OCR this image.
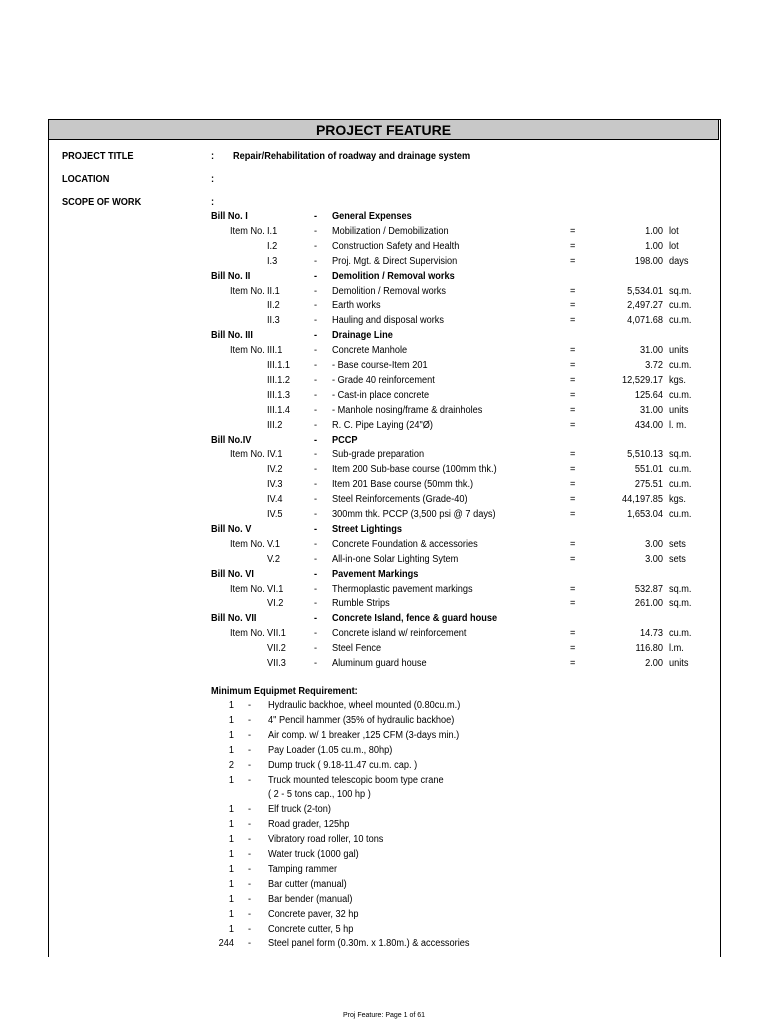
PROJECT FEATURE
PROJECT TITLE	: Repair/Rehabilitation of roadway and drainage system
LOCATION	:
SCOPE OF WORK	:
Bill No. I	- General Expenses
Item No. I.1	- Mobilization / Demobilization	=	1.00 lot
I.2	- Construction Safety and Health	=	1.00 lot
I.3	- Proj. Mgt. & Direct Supervision	=	198.00 days
Bill No. II	- Demolition / Removal works
Item No. II.1	- Demolition / Removal works	=	5,534.01 sq.m.
II.2	- Earth works	=	2,497.27 cu.m.
II.3	- Hauling and disposal works	=	4,071.68 cu.m.
Bill No. III	- Drainage Line
Item No. III.1	- Concrete Manhole	=	31.00 units
III.1.1 - - Base course-Item 201	=	3.72 cu.m.
III.1.2 - - Grade 40 reinforcement	=	12,529.17 kgs.
III.1.3 - - Cast-in place concrete	=	125.64 cu.m.
III.1.4 - - Manhole nosing/frame & drainholes	=	31.00 units
III.2	- R. C. Pipe Laying (24"Ø)	=	434.00 l. m.
Bill No.IV	- PCCP
Item No. IV.1	- Sub-grade preparation	=	5,510.13 sq.m.
IV.2	- Item 200 Sub-base course (100mm thk.)	=	551.01 cu.m.
IV.3	- Item 201 Base course (50mm thk.)	=	275.51 cu.m.
IV.4	- Steel Reinforcements (Grade-40)	=	44,197.85 kgs.
IV.5	- 300mm thk. PCCP (3,500 psi @ 7 days)	=	1,653.04 cu.m.
Bill No. V	- Street Lightings
Item No. V.1	- Concrete Foundation & accessories	=	3.00 sets
V.2	- All-in-one Solar Lighting Sytem	=	3.00 sets
Bill No. VI	- Pavement Markings
Item No. VI.1	- Thermoplastic pavement markings	=	532.87 sq.m.
VI.2	- Rumble Strips	=	261.00 sq.m.
Bill No. VII	- Concrete Island, fence & guard house
Item No. VII.1	- Concrete island w/ reinforcement	=	14.73 cu.m.
VII.2	- Steel Fence	=	116.80 l.m.
VII.3	- Aluminum guard house	=	2.00 units
Minimum Equipmet Requirement:
1 - Hydraulic backhoe, wheel mounted (0.80cu.m.)
1 - 4" Pencil hammer (35% of hydraulic backhoe)
1 - Air comp. w/ 1 breaker ,125 CFM (3-days min.)
1 - Pay Loader (1.05 cu.m., 80hp)
2 - Dump truck ( 9.18-11.47 cu.m. cap. )
1 - Truck mounted telescopic boom type crane
( 2 - 5 tons cap., 100 hp )
1 - Elf truck (2-ton)
1 - Road grader, 125hp
1 - Vibratory road roller, 10 tons
1 - Water truck (1000 gal)
1 - Tamping rammer
1 - Bar cutter (manual)
1 - Bar bender (manual)
1 - Concrete paver, 32 hp
1 - Concrete cutter, 5 hp
244 - Steel panel form (0.30m. x 1.80m.) & accessories
Proj Feature: Page 1 of 61
